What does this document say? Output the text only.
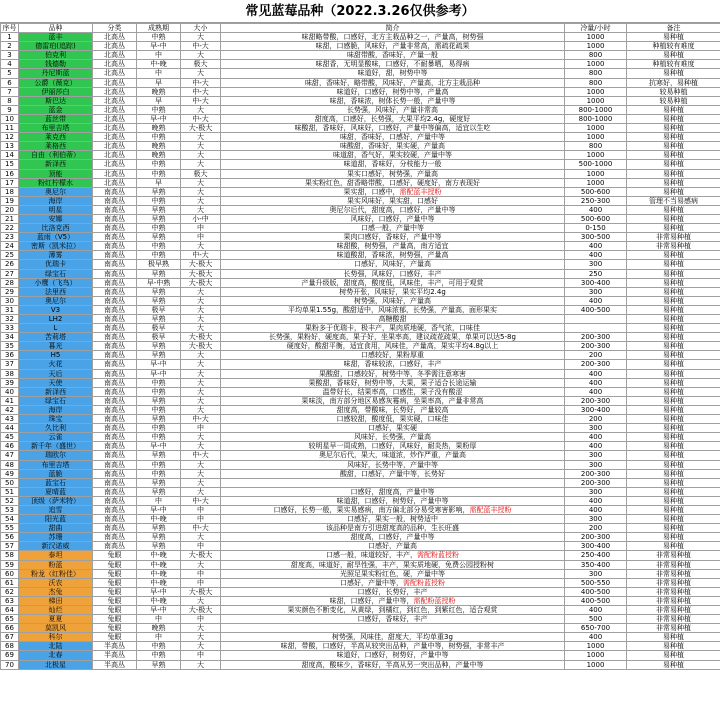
常见蓝莓品种（2022.3.26仅供参考）
序号	品种	分类	成熟期	大小	简介	冷量/小时	备注
1	蓝丰	北高丛	中熟	大	味甜略带酸，口感好，北方主栽品种之一，产量高，树势强	1000	易种植
2	德雷珀(追踪)	北高丛	早-中	中-大	味甜，口感脆，风味好，产量非常高，需疏花疏果	1000	种植较有难度
3	伯克利	北高丛	中	大	味甜带酸，香味好，产量一般	800	易种植
4	钱德勒	北高丛	中-晚	极大	味甜香，无明显酸味，口感好，不耐暴晒，易得病	1000	种植较有难度
5	丹尼斯蓝	北高丛	中	大	味道好，甜，树势中等	800	易种植
6	公爵（薇克）	北高丛	早	中-大	味甜，香味好，略带酸，风味好，产量高，北方主栽品种	800	抗寒好，易种植
7	伊丽莎白	北高丛	晚熟	中-大	味道好，口感好，树势中等，产量高	1000	较易种植
8	斯巴达	北高丛	早	中-大	味甜，香味浓，树体长势一般，产量中等	1000	较易种植
9	蓝金	北高丛	中熟	大	长势强，风味好，产量非常高	800-1000	易种植
10	蓝丝带	北高丛	早-中	中-大	甜度高，口感好，长势强，大果平均2.4g，硬度好	800-1000	易种植
11	布里吉塔	北高丛	晚熟	大-极大	味酸甜，香味好，风味好，口感好，产量中等偏高，适宜以生吃	1000	易种植
12	莱克西	北高丛	中熟	大	味甜，香味好，口感好，产量中等	1000	易种植
13	莱格西	北高丛	晚熟	大	味酸甜，香味好，果实硬，产量高	800	易种植
14	自由（利伯蒂）	北高丛	晚熟	大	味道甜，香气好，果实较硬，产量中等	1000	易种植
15	新泽西	北高丛	中熟	大	味道甜，香味好，分枝能力一般	500-1000	易种植
16	顶能	北高丛	中熟	极大	果实口感好，树势强，产量高	1000	易种植
17	粉红柠檬水	北高丛	早	大	果实粉红色，甜香略带酸，口感好，硬度好，南方表现好	1000	易种植
18	奥尼尔	南高丛	早熟	大	果实甜，口感中，需配蓝丰授粉	500-600	易种植
19	海岸	南高丛	中熟	大	果实风味好，果实甜，口感好	250-300	管理不当易感病
20	明星	南高丛	早熟	大	奥尼尔后代，甜度高，口感好，产量中等	400	易种植
21	安娜	南高丛	早熟	小-中	风味好，口感好，产量中等	500-600	易种植
22	比洛克西	南高丛	中熟	中	口感一般，产量中等	0-150	易种植
23	蓝雨（V5）	南高丛	早熟	中	果肉口感好，香味好，产量中等	300-500	非常易种植
24	密斯（凯米拉）	南高丛	中熟	大	味甜酸，树势强，产量高，南方适宜	400	非常易种植
25	薄雾	南高丛	中熟	中-大	味道酸甜，香味浓，树势强，产量高	400	易种植
26	优瑞卡	南高丛	极早熟	大-极大	口感好，风味好，产量高	300	易种植
27	绿宝石	南高丛	早熟	大-极大	长势强，风味好，口感好，丰产	250	易种植
28	小鹰（飞鸟）	南高丛	早-中熟	大-极大	产量升级版，甜度高，酸度低，风味佳，丰产，可用于观赏	300-400	易种植
29	法里西	南高丛	早熟	大	树势开张，风味好，果实平均2.4g	300	易种植
30	奥尼尔	南高丛	早熟	大	树势强，风味好，产量高	400	易种植
31	V3	南高丛	极早	大	平均单果1.55g，酸甜适中，风味浓郁，长势强，产量高，面形果实	400-500	易种植
32	LH2	南高丛	早熟	大	高糖酸甜		易种植
33	L	南高丛	极早	大	果粉多于优瑞卡，极丰产，果肉质地硬，香气浓，口味佳		易种植
34	苦莉塔	南高丛	极早	大-极大	长势强，果粉好，硬度高，果子好，坐果率高，建议疏花疏果，单果可以达5-8g	200-300	易种植
35	暮光	南高丛	早熟	大-极大	硬度好，酸甜平衡，适宜食用，风味佳，产量高，果实平均4.8g以上	200-300	易种植
36	H5	南高丛	早熟	大	口感较好，果粉厚重	200	易种植
37	火花	南高丛	早-中	大	味甜，香味较浓，口感好，丰产	200-300	易种植
38	天后	南高丛	早-中	大	果酸甜，口感较好，树势中等，冬季需注意寒害	400	易种植
39	天使	南高丛	中熟	大	果酸甜，香味好，树势中等，大果，果子适合长途运输	400	易种植
40	新泽西	南高丛	中熟	大	温带好长，结果率高，口感佳，果子没有酸涩	400	易种植
41	绿宝石	南高丛	早熟	大	果味淡，南方部分地区易感灰霉病，坐果率高，产量非常高	200-300	易种植
42	海岸	南高丛	中熟	大	甜度高，带酸味，长势好，产量较高	300-400	易种植
43	珠宝	南高丛	早熟	中-大	口感较甜，酸度低，果实硬，口味佳	200	易种植
44	久比利	南高丛	中熟	中	口感好，果实硬	300	易种植
45	云雀	南高丛	中熟	大	风味好，长势强，产量高	400	易种植
46	新千年（盛世）	南高丛	早-中	大	较明星早一周成熟，口感好，风味好，耐炎热，果粉厚	400	易种植
47	瑞欧尔	南高丛	早熟	中-大	奥尼尔后代，果大，味道浓，炒作严重，产量高	300	易种植
48	布里吉塔	南高丛	中熟	大	风味好，长势中等，产量中等	300	易种植
49	蓝脆	南高丛	中熟	大	酸甜，口感好，产量中等，长势好	200-300	易种植
50	蓝宝石	南高丛	早熟	大		200-300	易种植
51	夏晴蓝	南高丛	早熟	大	口感好，甜度高，产量中等	300	易种植
52	顶级（萨米特）	南高丛	中	中-大	味道甜，口感好，树势好，产量中等	400	易种植
53	追雪	南高丛	早-中	中	口感好，长势一般，果实易感病，南方偏北部分易受寒害影响，需配蓝丰授粉	400	易种植
54	阳光蓝	南高丛	中-晚	中	口感好，果实一般，树势适中	300	易种植
55	甜曲	南高丛	早熟	中-大	该品种是南方引进甜度高的品种，生长旺盛	200	易种植
56	苏珊	南高丛	早熟	大	甜度高，口感好，产量中等	200-300	易种植
57	新汉诺威	南高丛	早熟	中	口感好，产量高	300-400	易种植
58	泰坦	兔眼	中-晚	大-极大	口感一般，味道较好，丰产，需配粉蓝授粉	250-400	非常易种植
59	粉蓝	兔眼	中-晚	大	甜度高，味道好，耐旱性强，丰产，果实质地硬，免费公园授粉树	350-400	非常易种植
60	粉龙（红粉佳）	兔眼	中-晚	中	光照足果实粉红色，硬，产量中等	300	非常易种植
61	沃农	兔眼	中-晚	中	口感好，产量中等，需配粉蓝授粉	500-550	非常易种植
62	杰兔	兔眼	早-中	大-极大	口感好，长势好，丰产	400-500	非常易种植
63	梯田	兔眼	中-晚	大	味甜，口感好，产量中等，需配粉蓝授粉	400-500	非常易种植
64	灿烂	兔眼	早-中	大-极大	果实颜色不断变化，从黄绿，到橘红，到红色，到紫红色，适合观赏	400	非常易种植
65	夏夏	兔眼	中	中	口感好，香味好，丰产	500	非常易种植
66	莫凯风	兔眼	晚熟	大		650-700	非常易种植
67	科尔	兔眼	中	大	树势强，风味佳，甜度大，平均单重3g	400	易种植
68	北陆	半高丛	中熟	大	味甜，带酸，口感好，半高从较突出品种，产量中等，树势强，非常丰产	1000	易种植
69	北春	半高丛	中熟	中	味道好，口感好，树势好，产量中等	1000	易种植
70	北极星	半高丛	早熟	大	甜度高，酸味少，香味好，半高从另一突出品种，产量中等	1000	易种植
